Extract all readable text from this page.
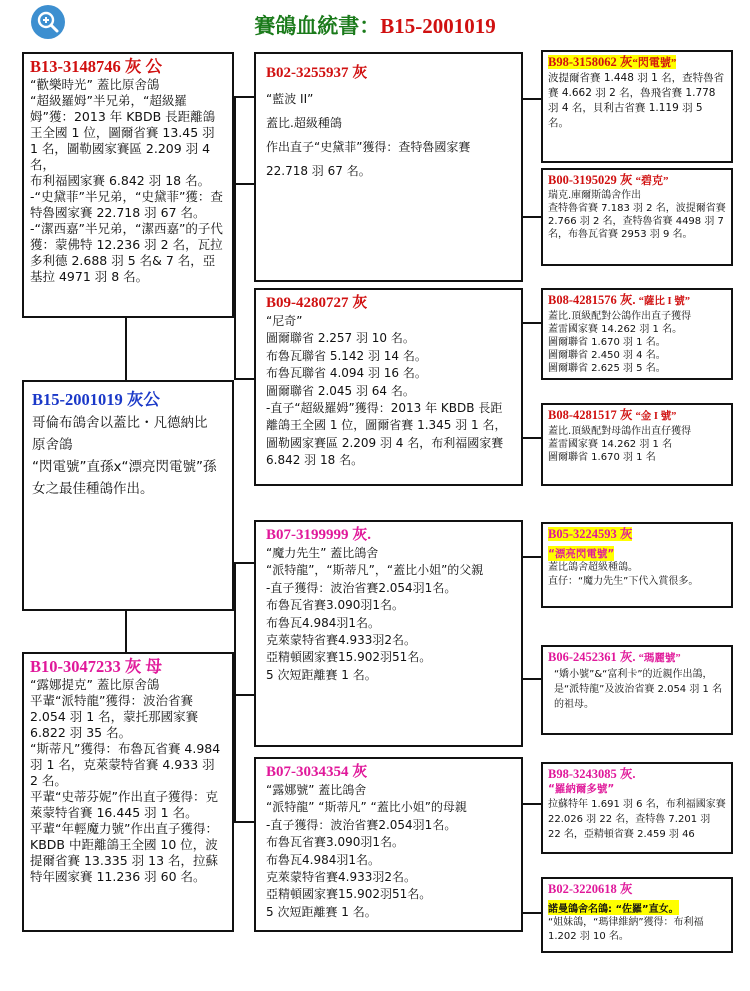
賽鴿血統書：B15-2001019
B13-3148746 灰 公
“歡樂時光” 蓋比原舍鴿
“超級羅姆”半兄弟，“超級羅姆”獲：2013 年 KBDB 長距離鴿王全國 1 位，圖爾省賽 13.45 羽 1 名，圖勒國家賽區 2.209 羽 4 名，
布利福國家賽 6.842 羽 18 名。
-“史黛菲”半兄弟，“史黛菲”獲：查特魯國家賽 22.718 羽 67 名。
-“潔西嘉”半兄弟，“潔西嘉”的子代獲：蒙佛特 12.236 羽 2 名，瓦拉多利德 2.688 羽 5 名& 7 名，亞基拉 4971 羽 8 名。
B15-2001019 灰公
哥倫布鴿舍以蓋比・凡德納比 原舍鴿
“閃電號”直孫x“漂亮閃電號”孫女之最佳種鴿作出。
B10-3047233 灰 母
“露娜提克” 蓋比原舍鴿
平輩“派特龍”獲得：波治省賽 2.054 羽 1 名，蒙托那國家賽 6.822 羽 35 名。
“斯蒂凡”獲得：布魯瓦省賽 4.984 羽 1 名，克萊蒙特省賽 4.933 羽 2 名。
平輩“史蒂芬妮”作出直子獲得：克萊蒙特省賽 16.445 羽 1 名。
平輩“年輕魔力號”作出直子獲得：KBDB 中距離鴿王全國 10 位，波提爾省賽 13.335 羽 13 名，拉蘇特年國家賽 11.236 羽 60 名。
B02-3255937 灰
“藍波 II”
蓋比.超級種鴿
作出直子“史黛菲”獲得：查特魯國家賽 22.718 羽 67 名。
B09-4280727 灰
“尼奇”
圖爾聯省 2.257 羽 10 名。
布魯瓦聯省 5.142 羽 14 名。
布魯瓦聯省 4.094 羽 16 名。
圖爾聯省 2.045 羽 64 名。
-直子“超級羅姆”獲得：2013 年 KBDB 長距離鴿王全國 1 位，圖爾省賽 1.345 羽 1 名，圖勒國家賽區 2.209 羽 4 名，布利福國家賽 6.842 羽 18 名。
B07-3199999 灰.
“魔力先生” 蓋比鴿舍
“派特龍”，“斯蒂凡”，“蓋比小姐”的父親
-直子獲得：波治省賽2.054羽1名。
布魯瓦省賽3.090羽1名。
布魯瓦4.984羽1名。
克萊蒙特省賽4.933羽2名。
亞精頓國家賽15.902羽51名。
5 次短距離賽 1 名。
B07-3034354 灰
“露娜號” 蓋比鴿舍
“派特龍” “斯蒂凡” “蓋比小姐”的母親
-直子獲得：波治省賽2.054羽1名。
布魯瓦省賽3.090羽1名。
布魯瓦4.984羽1名。
克萊蒙特省賽4.933羽2名。
亞精頓國家賽15.902羽51名。
5 次短距離賽 1 名。
B98-3158062 灰“閃電號”
波提爾省賽 1.448 羽 1 名，查特魯省賽 4.662 羽 2 名，魯飛省賽 1.778 羽 4 名，貝利古省賽 1.119 羽 5 名。
B00-3195029 灰 “碧克”
瑞克.庫爾斯鴿舍作出
查特魯省賽 7.183 羽 2 名，波提爾省賽 2.766 羽 2 名，查特魯省賽 4498 羽 7 名，布魯瓦省賽 2953 羽 9 名。
B08-4281576 灰. “薩比 I 號”
蓋比.頂級配對公鴿作出直子獲得
蓋雷國家賽 14.262 羽 1 名。
圖爾聯省 1.670 羽 1 名。
圖爾聯省 2.450 羽 4 名。
圖爾聯省 2.625 羽 5 名。
B08-4281517 灰 “金 I 號”
蓋比.頂級配對母鴿作出直仔獲得
蓋雷國家賽 14.262 羽 1 名
圖爾聯省 1.670 羽 1 名
B05-3224593 灰
“漂亮閃電號”
蓋比鴿舍超級種鴿。
直仔：“魔力先生”下代入賞很多。
B06-2452361 灰. “瑪麗號”
“嬌小號”&“富利卡”的近親作出鴿，是“派特龍”及波治省賽 2.054 羽 1 名的祖母。
B98-3243085 灰.
“羅納爾多號”
拉蘇特年 1.691 羽 6 名，布利福國家賽 22.026 羽 22 名，查特魯 7.201 羽 22 名，亞精頓省賽 2.459 羽 46
B02-3220618 灰
諾曼鴿舍名鴿: “佐羅”直女。
“姐妹鴿，“瑪律維納”獲得：布利福 1.202 羽 10 名。
